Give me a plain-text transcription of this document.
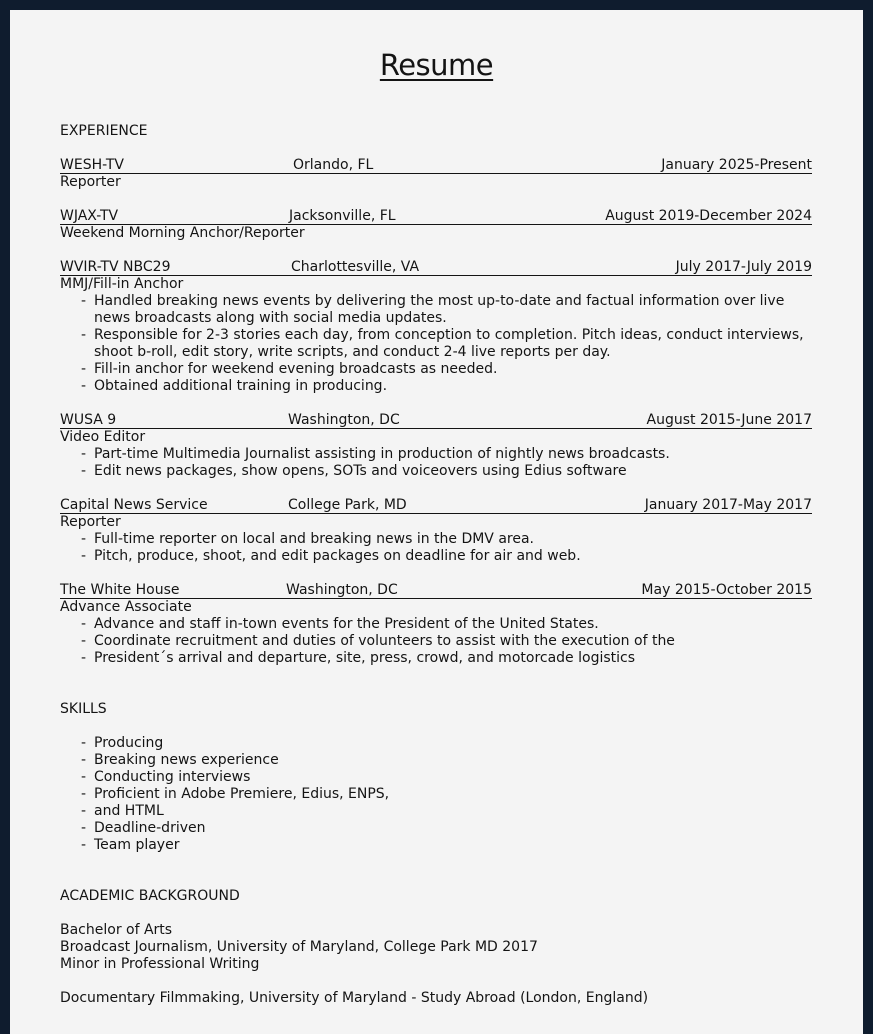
Resume
EXPERIENCE
WESH-TV	Orlando, FL	January 2025-Present
Reporter
WJAX-TV	Jacksonville, FL	August 2019-December 2024
Weekend Morning Anchor/Reporter
WVIR-TV NBC29	Charlottesville, VA	July 2017-July 2019
MMJ/Fill-in Anchor
- Handled breaking news events by delivering the most up-to-date and factual information over live news broadcasts along with social media updates.
- Responsible for 2-3 stories each day, from conception to completion. Pitch ideas, conduct interviews, shoot b-roll, edit story, write scripts, and conduct 2-4 live reports per day.
- Fill-in anchor for weekend evening broadcasts as needed.
- Obtained additional training in producing.
WUSA 9	Washington, DC	August 2015-June 2017
Video Editor
- Part-time Multimedia Journalist assisting in production of nightly news broadcasts.
- Edit news packages, show opens, SOTs and voiceovers using Edius software
Capital News Service	College Park, MD	January 2017-May 2017
Reporter
- Full-time reporter on local and breaking news in the DMV area.
- Pitch, produce, shoot, and edit packages on deadline for air and web.
The White House	Washington, DC	May 2015-October 2015
Advance Associate
- Advance and staff in-town events for the President of the United States.
- Coordinate recruitment and duties of volunteers to assist with the execution of the
- President´s arrival and departure, site, press, crowd, and motorcade logistics
SKILLS
- Producing
- Breaking news experience
- Conducting interviews
- Proficient in Adobe Premiere, Edius, ENPS,
- and HTML
- Deadline-driven
- Team player
ACADEMIC BACKGROUND
Bachelor of Arts
Broadcast Journalism, University of Maryland, College Park MD 2017
Minor in Professional Writing
Documentary Filmmaking, University of Maryland - Study Abroad (London, England)
